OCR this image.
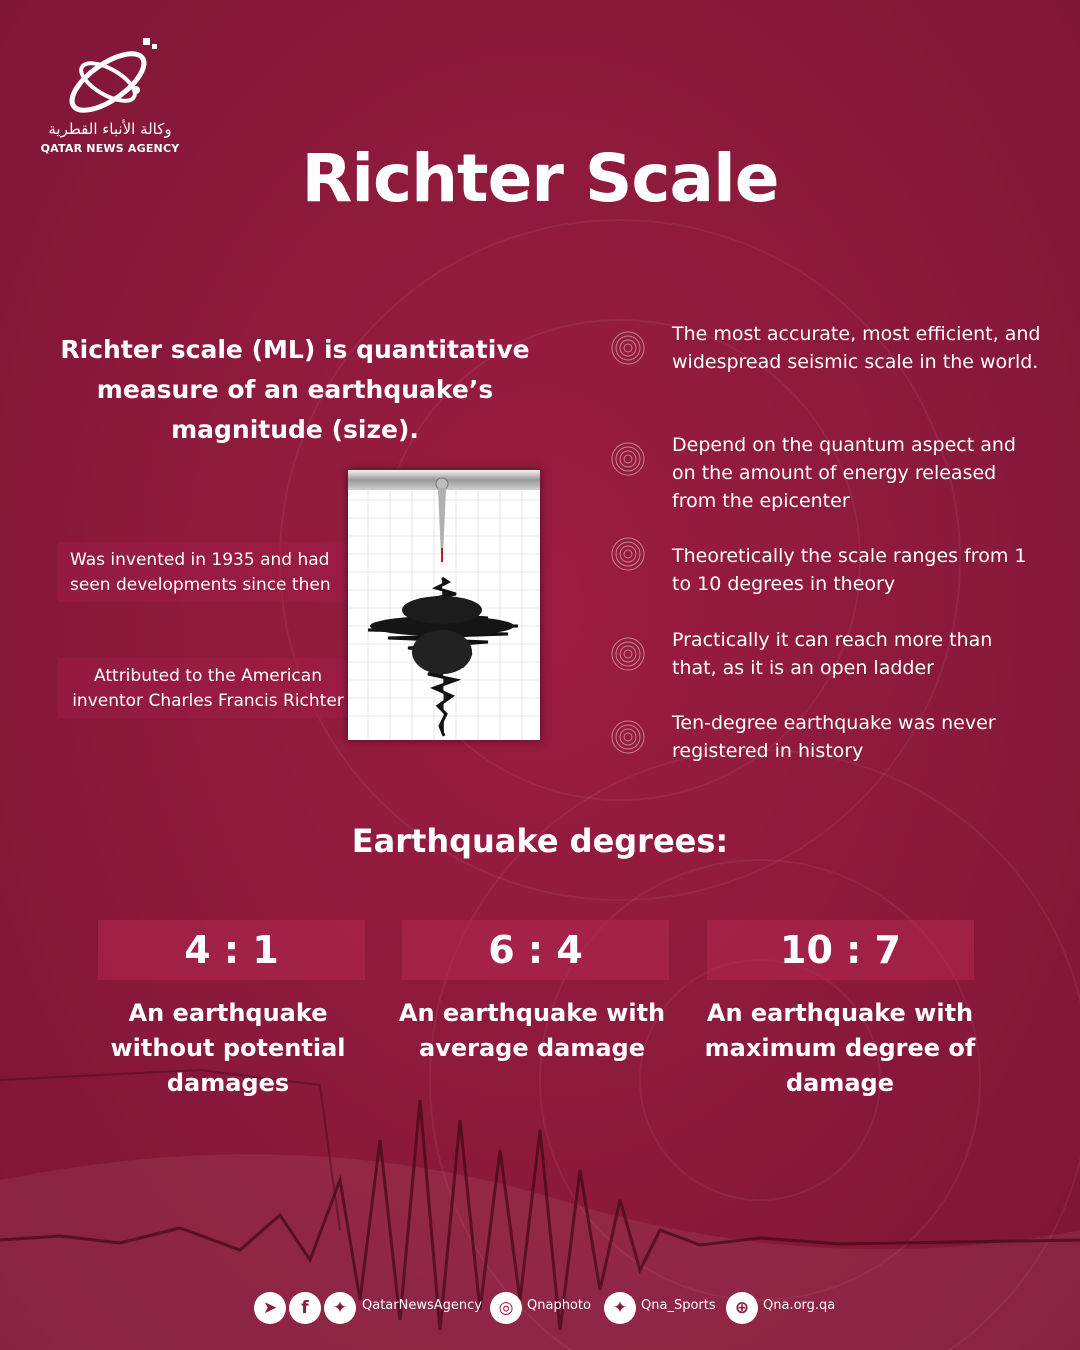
وكالة الأنباء القطرية
QATAR NEWS AGENCY	Richter Scale
Richter scale (ML) is quantitative measure of an earthquake’s magnitude (size).
Was invented in 1935 and had seen developments since then
Attributed to the American inventor Charles Francis Richter
The most accurate, most efficient, and widespread seismic scale in the world.
Depend on the quantum aspect and on the amount of energy released from the epicenter
Theoretically the scale ranges from 1 to 10 degrees in theory
Practically it can reach more than that, as it is an open ladder
Ten-degree earthquake was never registered in history
Earthquake degrees:
4 : 1	6 : 4	10 : 7
An earthquake without potential damages
An earthquake with average damage
An earthquake with maximum degree of damage
➤	f	✦	QatarNewsAgency ◎	Qnaphoto	✦	Qna_Sports	⊕	Qna.org.qa
